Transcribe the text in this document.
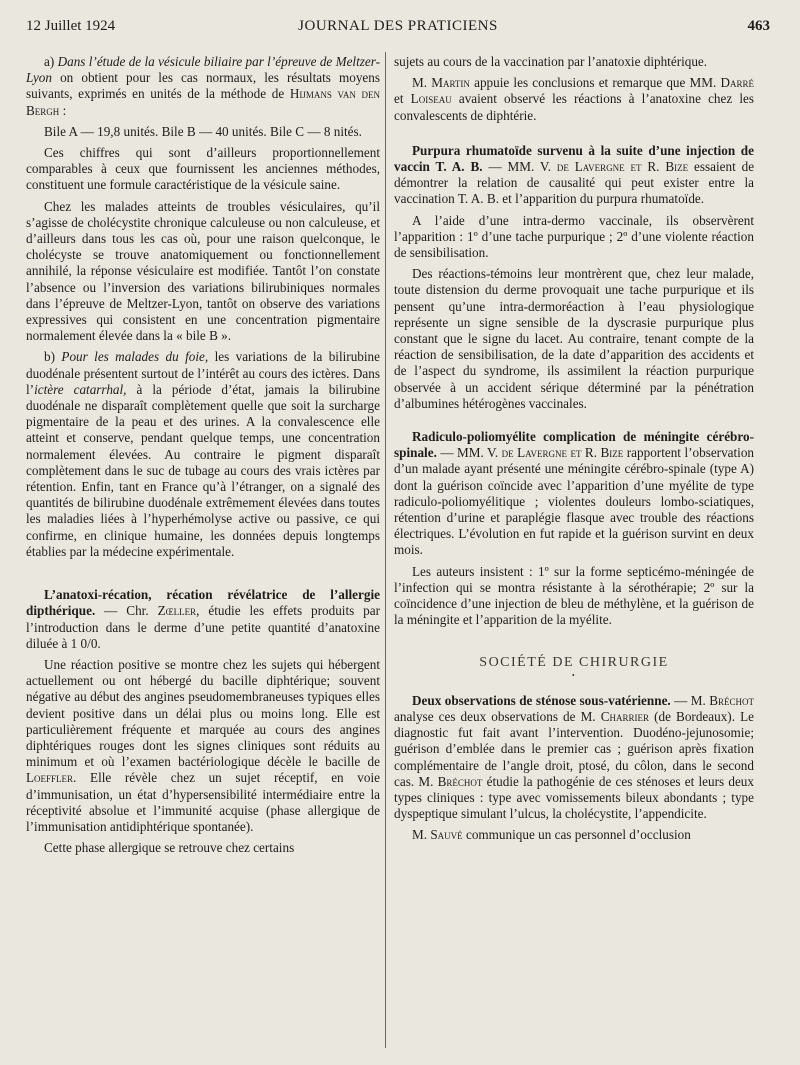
12 Juillet 1924	JOURNAL DES PRATICIENS	463

a) Dans l’étude de la vésicule biliaire par l’épreuve de Meltzer-Lyon on obtient pour les cas normaux, les résultats moyens suivants, exprimés en unités de la méthode de Hijmans van den Bergh :

Bile A — 19,8 unités. Bile B — 40 unités. Bile C — 8 nités.

Ces chiffres qui sont d’ailleurs proportionnellement comparables à ceux que fournissent les anciennes méthodes, constituent une formule caractéristique de la vésicule saine.

Chez les malades atteints de troubles vésiculaires, qu’il s’agisse de cholécystite chronique calculeuse ou non calculeuse, et d’ailleurs dans tous les cas où, pour une raison quelconque, le cholécyste se trouve anatomiquement ou fonctionnellement annihilé, la réponse vésiculaire est modifiée. Tantôt l’on constate l’absence ou l’inversion des variations bilirubiniques normales dans l’épreuve de Meltzer-Lyon, tantôt on observe des variations expressives qui consistent en une concentration pigmentaire normalement élevée dans la « bile B ».

b) Pour les malades du foie, les variations de la bilirubine duodénale présentent surtout de l’intérêt au cours des ictères. Dans l’ictère catarrhal, à la période d’état, jamais la bilirubine duodénale ne disparaît complètement quelle que soit la surcharge pigmentaire de la peau et des urines. A la convalescence elle atteint et conserve, pendant quelque temps, une concentration normalement élevées. Au contraire le pigment disparaît complètement dans le suc de tubage au cours des vrais ictères par rétention. Enfin, tant en France qu’à l’étranger, on a signalé des quantités de bilirubine duodénale extrêmement élevées dans toutes les maladies liées à l’hyperhémolyse active ou passive, ce qui confirme, en clinique humaine, les données depuis longtemps établies par la médecine expérimentale.

L’anatoxi-récation, récation révélatrice de l’allergie dipthérique. — Chr. Zœller, étudie les effets produits par l’introduction dans le derme d’une petite quantité d’anatoxine diluée à 1 0/0.

Une réaction positive se montre chez les sujets qui hébergent actuellement ou ont hébergé du bacille diphtérique; souvent négative au début des angines pseudomembraneuses typiques elles devient positive dans un délai plus ou moins long. Elle est particulièrement fréquente et marquée au cours des angines diphtériques rouges dont les signes cliniques sont réduits au minimum et où l’examen bactériologique décèle le bacille de Loeffler. Elle révèle chez un sujet réceptif, en voie d’immunisation, un état d’hypersensibilité intermédiaire entre la réceptivité absolue et l’immunité acquise (phase allergique de l’immunisation antidiphtérique spontanée).

Cette phase allergique se retrouve chez certains

sujets au cours de la vaccination par l’anatoxie diphtérique.

M. Martin appuie les conclusions et remarque que MM. Darré et Loiseau avaient observé les réactions à l’anatoxine chez les convalescents de diphtérie.

Purpura rhumatoïde survenu à la suite d’une injection de vaccin T. A. B. — MM. V. de Lavergne et R. Bize essaient de démontrer la relation de causalité qui peut exister entre la vaccination T. A. B. et l’apparition du purpura rhumatoïde.

A l’aide d’une intra-dermo vaccinale, ils observèrent l’apparition : 1º d’une tache purpurique ; 2º d’une violente réaction de sensibilisation.

Des réactions-témoins leur montrèrent que, chez leur malade, toute distension du derme provoquait une tache purpurique et ils pensent qu’une intra-dermoréaction à l’eau physiologique représente un signe sensible de la dyscrasie purpurique plus constant que le signe du lacet. Au contraire, tenant compte de la réaction de sensibilisation, de la date d’apparition des accidents et de l’aspect du syndrome, ils assimilent la réaction purpurique observée à un accident sérique déterminé par la pénétration d’albumines hétérogènes vaccinales.

Radiculo-poliomyélite complication de méningite cérébro-spinale. — MM. V. de Lavergne et R. Bize rapportent l’observation d’un malade ayant présenté une méningite cérébro-spinale (type A) dont la guérison coïncide avec l’apparition d’une myélite de type radiculo-poliomyélitique ; violentes douleurs lombo-sciatiques, rétention d’urine et paraplégie flasque avec trouble des réactions électriques. L’évolution en fut rapide et la guérison survint en deux mois.

Les auteurs insistent : 1º sur la forme septicémo-méningée de l’infection qui se montra résistante à la sérothérapie; 2º sur la coïncidence d’une injection de bleu de méthylène, et la guérison de la méningite et l’apparition de la myélite.

SOCIÉTÉ DE CHIRURGIE
•

Deux observations de sténose sous-vatérienne. — M. Bréchot analyse ces deux observations de M. Charrier (de Bordeaux). Le diagnostic fut fait avant l’intervention. Duodéno-jejunosomie; guérison d’emblée dans le premier cas ; guérison après fixation complémentaire de l’angle droit, ptosé, du côlon, dans le second cas. M. Bréchot étudie la pathogénie de ces sténoses et leurs deux types cliniques : type avec vomissements bileux abondants ; type dyspeptique simulant l’ulcus, la cholécystite, l’appendicite.

M. Sauvé communique un cas personnel d’occlusion
